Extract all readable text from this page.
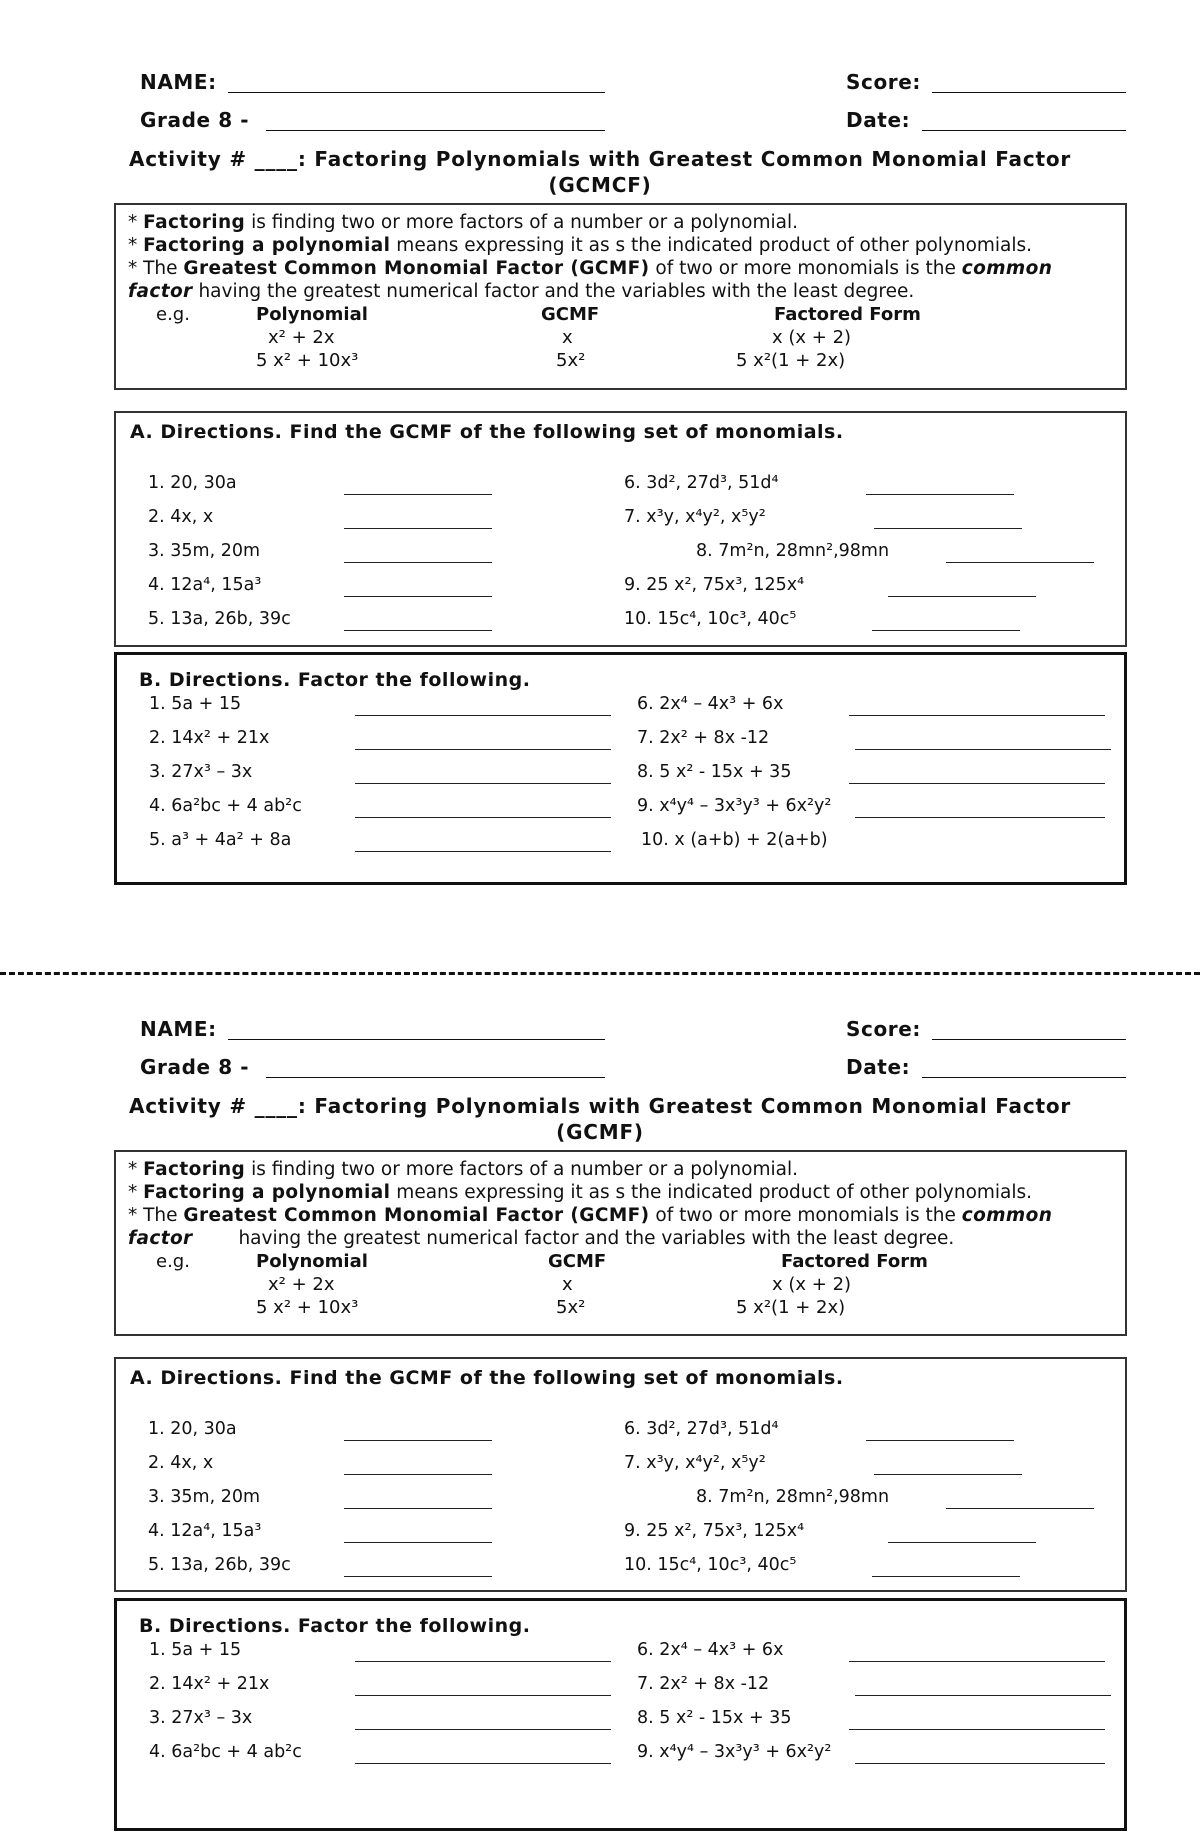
NAME:	Score:
Grade 8 -	Date:
Activity # ____: Factoring Polynomials with Greatest Common Monomial Factor
(GCMCF)
* Factoring is finding two or more factors of a number or a polynomial.
* Factoring a polynomial means expressing it as s the indicated product of other polynomials.
* The Greatest Common Monomial Factor (GCMF) of two or more monomials is the common
factor having the greatest numerical factor and the variables with the least degree.
e.g.	Polynomial	GCMF	Factored Form
x² + 2x	x	x (x + 2)
5 x² + 10x³	5x²	5 x²(1 + 2x)
A. Directions. Find the GCMF of the following set of monomials.
1. 20, 30a
2. 4x, x
3. 35m, 20m
4. 12a⁴, 15a³
5. 13a, 26b, 39c
6. 3d², 27d³, 51d⁴
7. x³y, x⁴y², x⁵y²
8. 7m²n, 28mn²,98mn
9. 25 x², 75x³, 125x⁴
10. 15c⁴, 10c³, 40c⁵
B. Directions. Factor the following.
1. 5a + 15
2. 14x² + 21x
3. 27x³ – 3x
4. 6a²bc + 4 ab²c
5. a³ + 4a² + 8a
6. 2x⁴ – 4x³ + 6x
7. 2x² + 8x -12
8. 5 x² - 15x + 35
9. x⁴y⁴ – 3x³y³ + 6x²y²
10. x (a+b) + 2(a+b)
NAME:	Score:
Grade 8 -	Date:
Activity # ____: Factoring Polynomials with Greatest Common Monomial Factor
(GCMF)
* Factoring is finding two or more factors of a number or a polynomial.
* Factoring a polynomial means expressing it as s the indicated product of other polynomials.
* The Greatest Common Monomial Factor (GCMF) of two or more monomials is the common
factor having the greatest numerical factor and the variables with the least degree.
e.g.	Polynomial	GCMF	Factored Form
x² + 2x	x	x (x + 2)
5 x² + 10x³	5x²	5 x²(1 + 2x)
A. Directions. Find the GCMF of the following set of monomials.
1. 20, 30a
2. 4x, x
3. 35m, 20m
4. 12a⁴, 15a³
5. 13a, 26b, 39c
6. 3d², 27d³, 51d⁴
7. x³y, x⁴y², x⁵y²
8. 7m²n, 28mn²,98mn
9. 25 x², 75x³, 125x⁴
10. 15c⁴, 10c³, 40c⁵
B. Directions. Factor the following.
1. 5a + 15
2. 14x² + 21x
3. 27x³ – 3x
4. 6a²bc + 4 ab²c
6. 2x⁴ – 4x³ + 6x
7. 2x² + 8x -12
8. 5 x² - 15x + 35
9. x⁴y⁴ – 3x³y³ + 6x²y²
